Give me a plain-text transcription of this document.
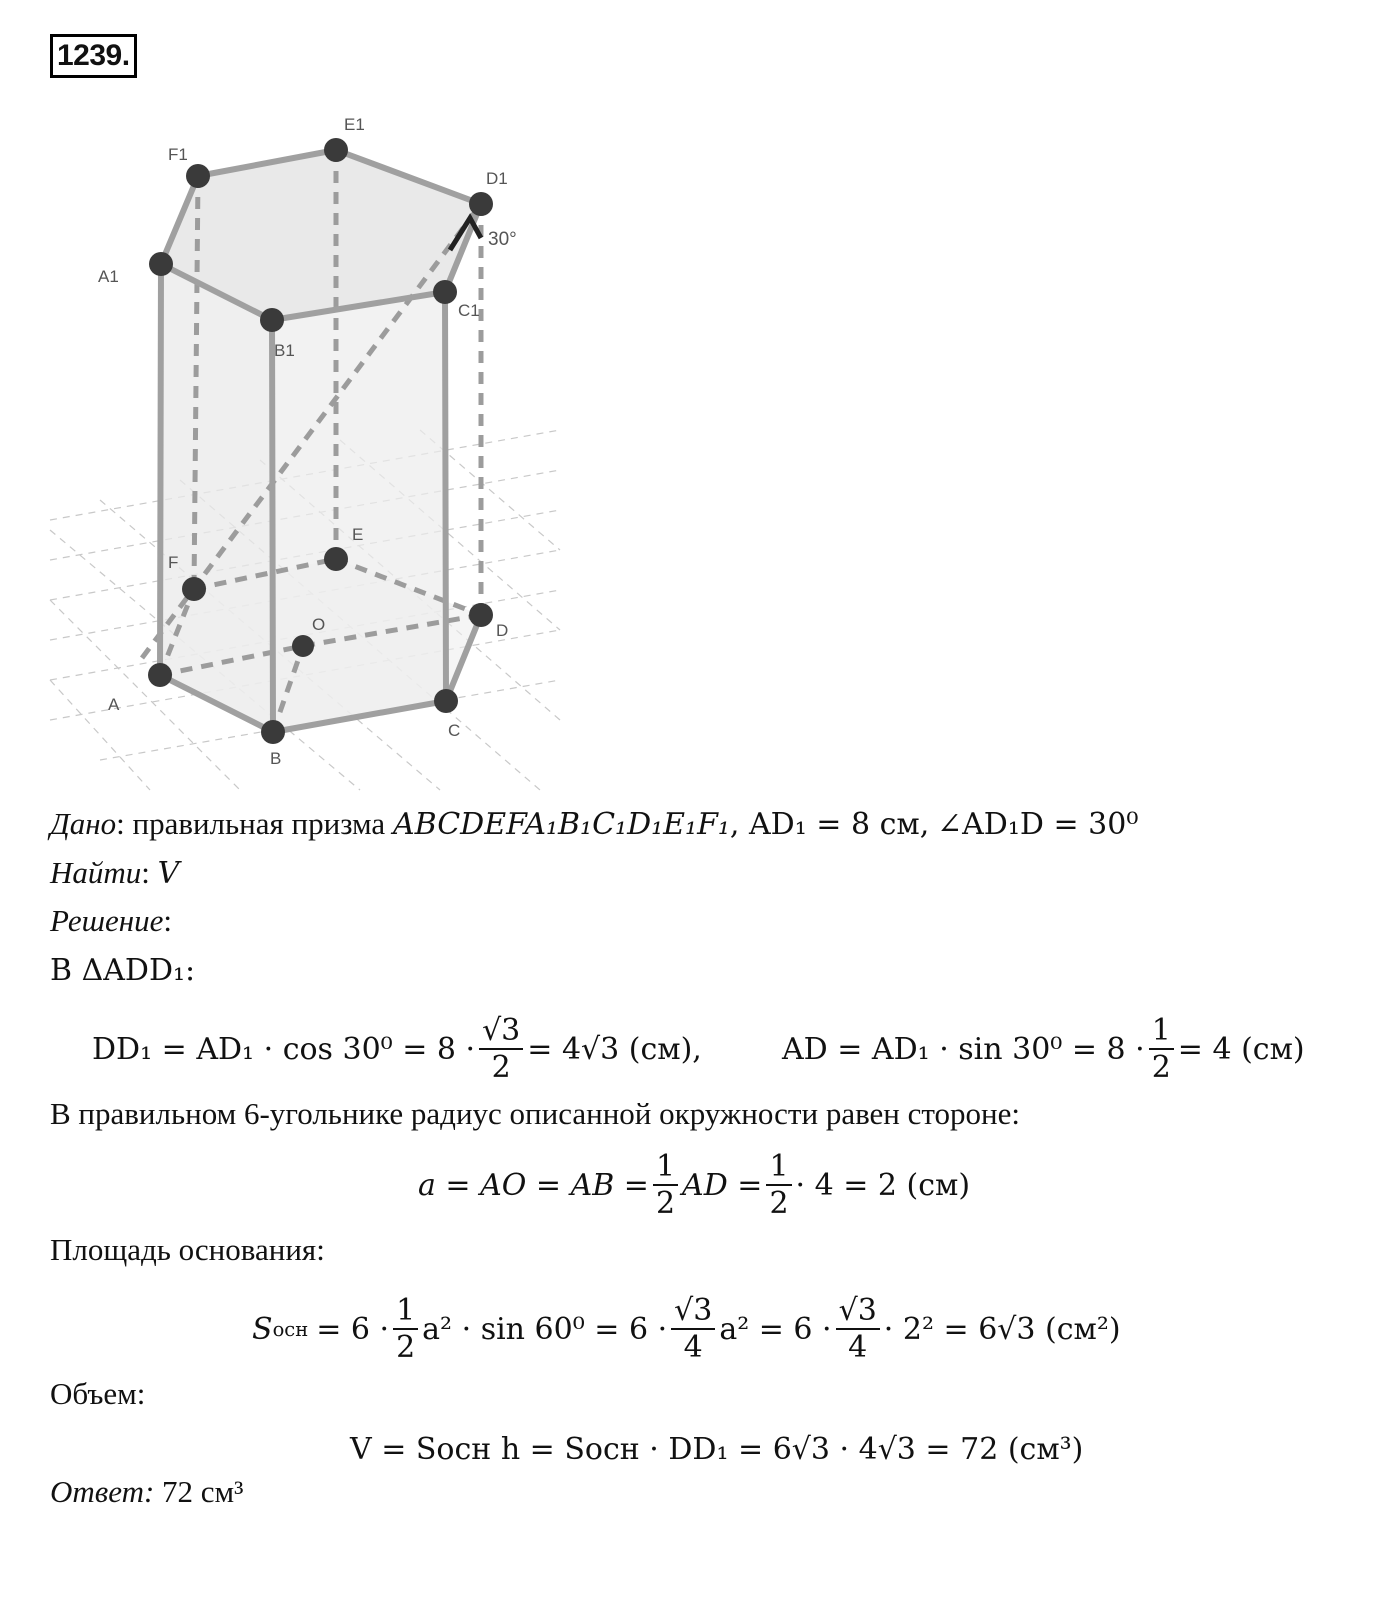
1239.
30°
F1
E1
D1
A1
C1
B1
F
E
O	D
A
C
B
Дано: правильная призма ABCDEFA₁B₁C₁D₁E₁F₁, AD₁ = 8 см, ∠AD₁D = 30⁰
Найти: V
Решение:
В ΔADD₁:
$DD_1 = AD_1 \cdot \cos 30^0 = 8 \cdot \frac{√3}{2} = 4√3$ (см),	AD = $AD_1 \cdot \sin 30^0 = 8 \cdot \frac{1}{2} = 4$ (см)
В правильном 6-угольнике радиус описанной окружности равен стороне:
a = AO = AB = $\frac{1}{2}$ AD = $\frac{1}{2} \cdot 4 = 2$ (см)
Площадь основания:
S осн = $6 \cdot \frac{1}{2} a^2 \cdot \sin 60^0 = 6 \cdot \frac{√3}{4} a^2 = 6 \cdot \frac{√3}{4} \cdot 2^2 = 6√3$ (см²)
Объем:
V = Sосн h = Sосн · DD₁ = 6√3 · 4√3 = 72 (см³)
Ответ: 72 см³
